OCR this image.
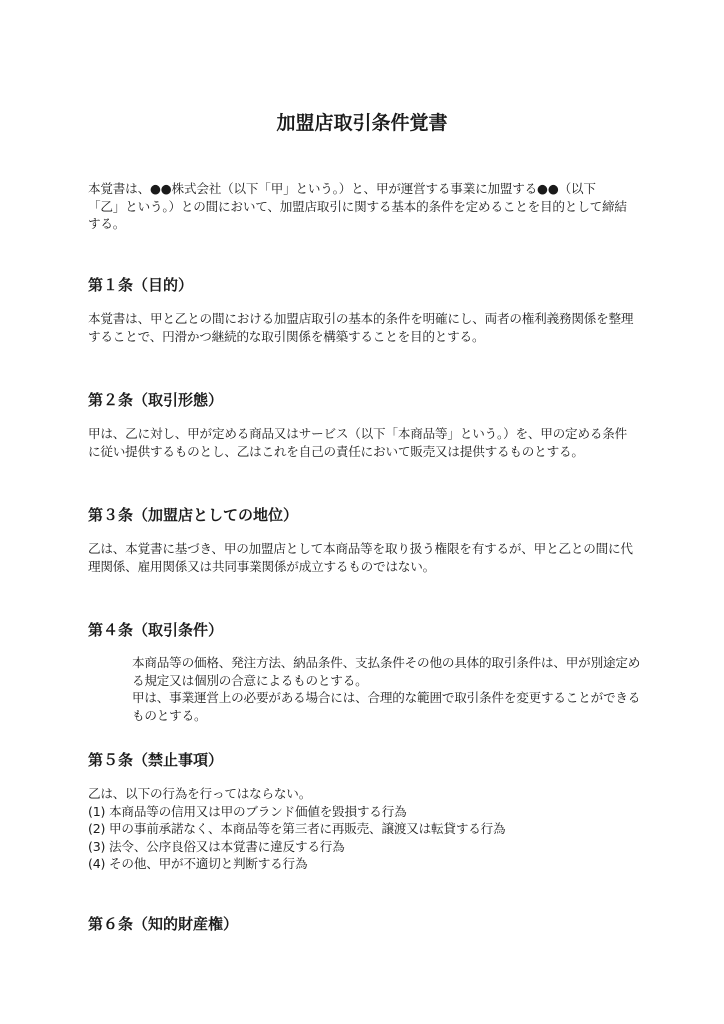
加盟店取引条件覚書

本覚書は、●●株式会社（以下「甲」という。）と、甲が運営する事業に加盟する●●（以下

「乙」という。）との間において、加盟店取引に関する基本的条件を定めることを目的として締結

する。

第１条（目的）

本覚書は、甲と乙との間における加盟店取引の基本的条件を明確にし、両者の権利義務関係を整理

することで、円滑かつ継続的な取引関係を構築することを目的とする。

第２条（取引形態）

甲は、乙に対し、甲が定める商品又はサービス（以下「本商品等」という。）を、甲の定める条件

に従い提供するものとし、乙はこれを自己の責任において販売又は提供するものとする。

第３条（加盟店としての地位）

乙は、本覚書に基づき、甲の加盟店として本商品等を取り扱う権限を有するが、甲と乙との間に代

理関係、雇用関係又は共同事業関係が成立するものではない。

第４条（取引条件）

本商品等の価格、発注方法、納品条件、支払条件その他の具体的取引条件は、甲が別途定め

る規定又は個別の合意によるものとする。

甲は、事業運営上の必要がある場合には、合理的な範囲で取引条件を変更することができる

ものとする。

第５条（禁止事項）

乙は、以下の行為を行ってはならない。

(1) 本商品等の信用又は甲のブランド価値を毀損する行為

(2) 甲の事前承諾なく、本商品等を第三者に再販売、譲渡又は転貸する行為

(3) 法令、公序良俗又は本覚書に違反する行為

(4) その他、甲が不適切と判断する行為

第６条（知的財産権）
